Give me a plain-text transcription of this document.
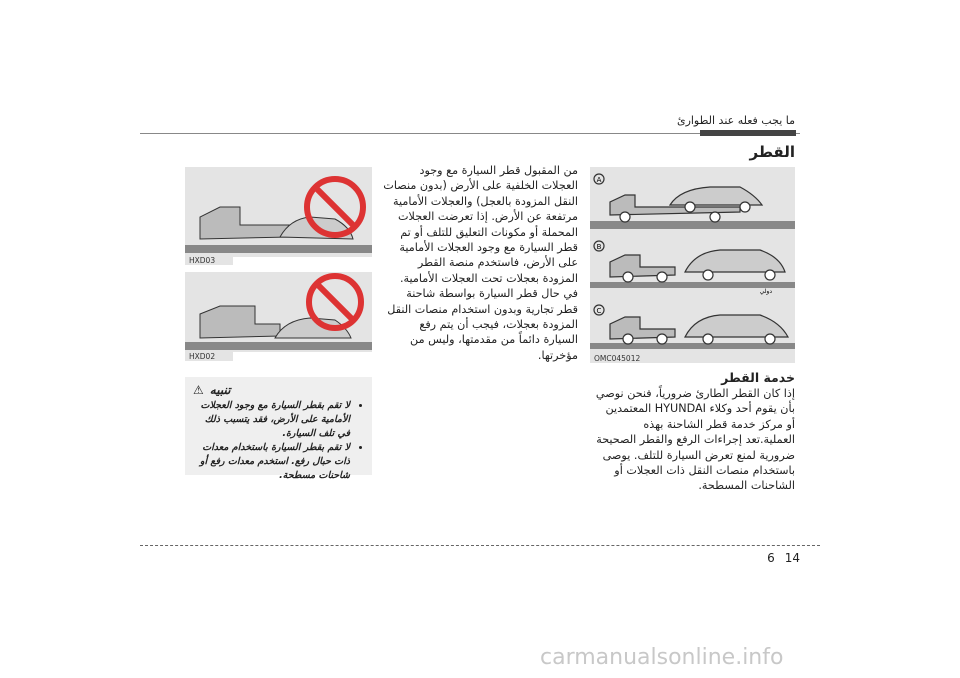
ما يجب فعله عند الطوارئ
القطر
A
B
C
دولي
OMC045012
من المقبول قطر السيارة مع وجود العجلات الخلفية على الأرض (بدون منصات النقل المزودة بالعجل) والعجلات الأمامية مرتفعة عن الأرض. إذا تعرضت العجلات المحملة أو مكونات التعليق للتلف أو تم قطر السيارة مع وجود العجلات الأمامية على الأرض، فاستخدم منصة القطر المزودة بعجلات تحت العجلات الأمامية. في حال قطر السيارة بواسطة شاحنة قطر تجارية وبدون استخدام منصات النقل المزودة بعجلات، فيجب أن يتم رفع السيارة دائماً من مقدمتها، وليس من مؤخرتها.
خدمة القطر
إذا كان القطر الطارئ ضرورياً، فنحن نوصي بأن يقوم أحد وكلاء HYUNDAI المعتمدين أو مركز خدمة قطر الشاحنة بهذه العملية.تعد إجراءات الرفع والقطر الصحيحة ضرورية لمنع تعرض السيارة للتلف. يوصى باستخدام منصات النقل ذات العجلات أو الشاحنات المسطحة.
HXD03
HXD02
تنبيه
⚠
• لا تقم بقطر السيارة مع وجود العجلات الأمامية على الأرض، فقد يتسبب ذلك في تلف السيارة.
• لا تقم بقطر السيارة باستخدام معدات ذات حبال رفع. استخدم معدات رفع أو شاحنات مسطحة.
6 14
carmanualsonline.info
